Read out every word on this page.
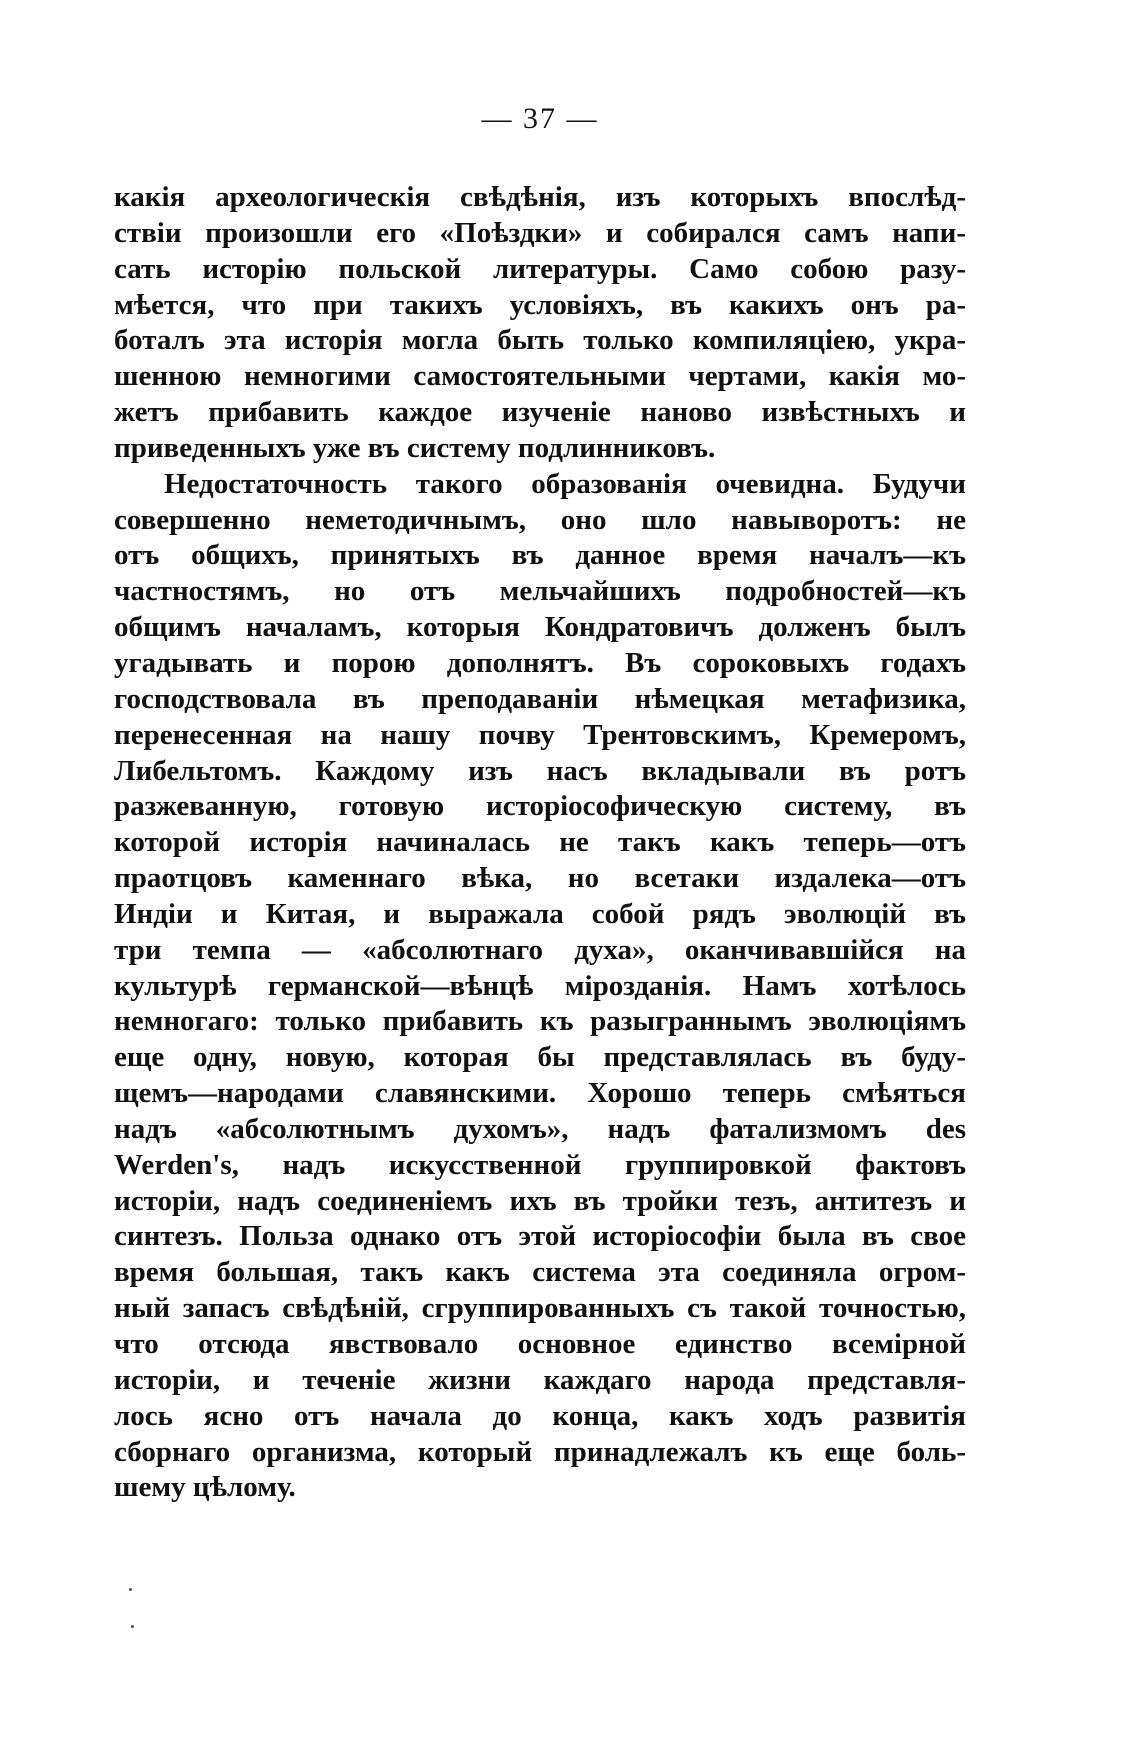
— 37 —
какія археологическія свѣдѣнія, изъ которыхъ впослѣд-
ствіи произошли его «Поѣздки» и собирался самъ напи-
сать исторію польской литературы. Само собою разу-
мѣется, что при такихъ условіяхъ, въ какихъ онъ ра-
боталъ эта исторія могла быть только компиляціею, укра-
шенною немногими самостоятельными чертами, какія мо-
жетъ прибавить каждое изученіе наново извѣстныхъ и
приведенныхъ уже въ систему подлинниковъ.
Недостаточность такого образованія очевидна. Будучи
совершенно неметодичнымъ, оно шло навыворотъ: не
отъ общихъ, принятыхъ въ данное время началъ—къ
частностямъ, но отъ мельчайшихъ подробностей—къ
общимъ началамъ, которыя Кондратовичъ долженъ былъ
угадывать и порою дополнятъ. Въ сороковыхъ годахъ
господствовала въ преподаваніи нѣмецкая метафизика,
перенесенная на нашу почву Трентовскимъ, Кремеромъ,
Либельтомъ. Каждому изъ насъ вкладывали въ ротъ
разжеванную, готовую исторіософическую систему, въ
которой исторія начиналась не такъ какъ теперь—отъ
праотцовъ каменнаго вѣка, но всетаки издалека—отъ
Индіи и Китая, и выражала собой рядъ эволюцій въ
три темпа — «абсолютнаго духа», оканчивавшійся на
культурѣ германской—вѣнцѣ мірозданія. Намъ хотѣлось
немногаго: только прибавить къ разыграннымъ эволюціямъ
еще одну, новую, которая бы представлялась въ буду-
щемъ—народами славянскими. Хорошо теперь смѣяться
надъ «абсолютнымъ духомъ», надъ фатализмомъ des
Werden's, надъ искусственной группировкой фактовъ
исторіи, надъ соединеніемъ ихъ въ тройки тезъ, антитезъ и
синтезъ. Польза однако отъ этой исторіософіи была въ свое
время большая, такъ какъ система эта соединяла огром-
ный запасъ свѣдѣній, сгруппированныхъ съ такой точностью,
что отсюда явствовало основное единство всемірной
исторіи, и теченіе жизни каждаго народа представля-
лось ясно отъ начала до конца, какъ ходъ развитія
сборнаго организма, который принадлежалъ къ еще боль-
шему цѣлому.
